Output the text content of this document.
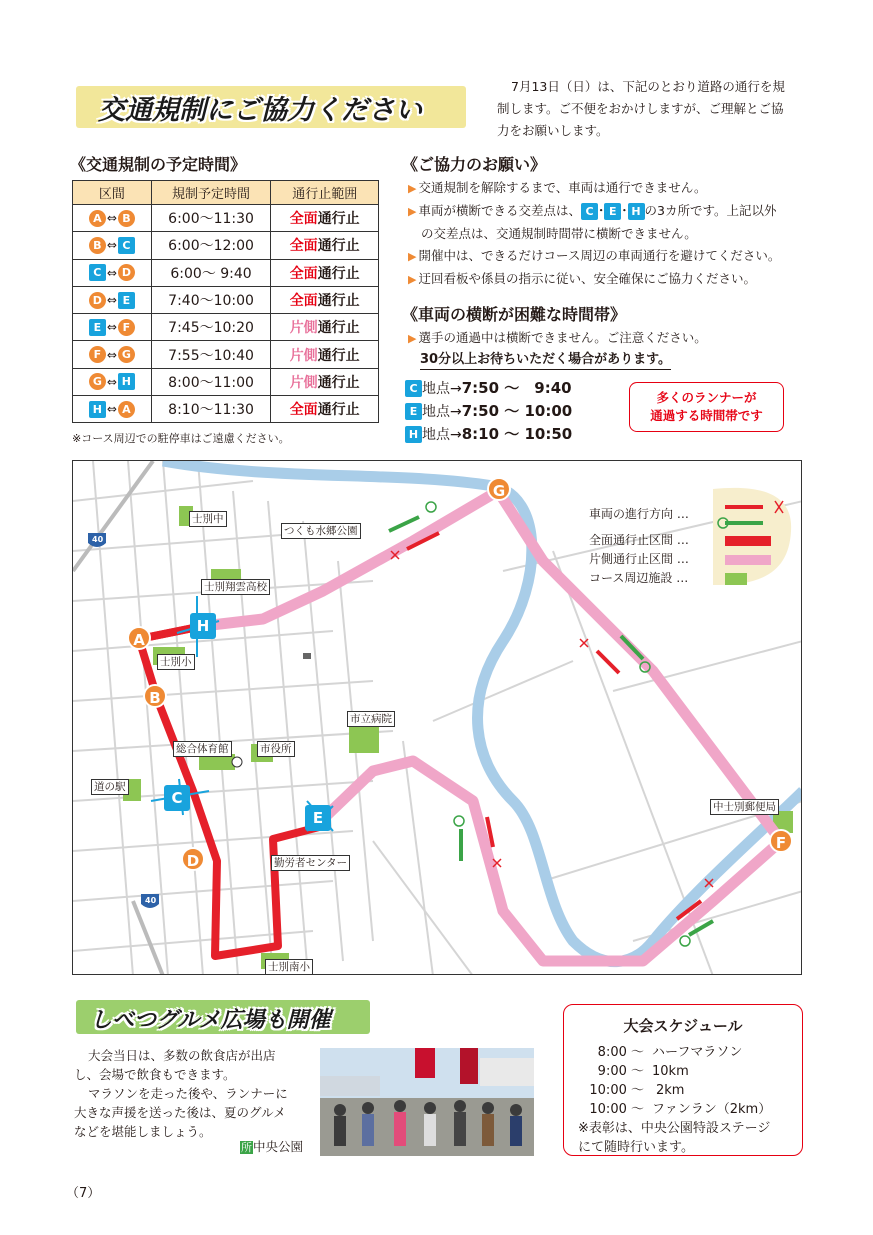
交通規制にご協力ください
7月13日（日）は、下記のとおり道路の通行を規
制します。ご不便をおかけしますが、ご理解とご協
力をお願いします。
《交通規制の予定時間》
区間	規制予定時間	通行止範囲
A ⇔ B	6:00～11:30	全面通行止
B ⇔ C	6:00～12:00	全面通行止
C ⇔ D	6:00～ 9:40	全面通行止
D ⇔ E	7:40～10:00	全面通行止
E ⇔ F	7:45～10:20	片側通行止
F ⇔ G	7:55～10:40	片側通行止
G ⇔ H	8:00～11:00	片側通行止
H ⇔ A	8:10～11:30	全面通行止
※コース周辺での駐停車はご遠慮ください。
《ご協力のお願い》
▶ 交通規制を解除するまで、車両は通行できません。
▶ 車両が横断できる交差点は、 C ･ E ･ H の3カ所です。上記以外
の交差点は、交通規制時間帯に横断できません。
▶ 開催中は、できるだけコース周辺の車両通行を避けてください。
▶ 迂回看板や係員の指示に従い、安全確保にご協力ください。
《車両の横断が困難な時間帯》
▶ 選手の通過中は横断できません。ご注意ください。
30分以上お待ちいただく場合があります。
C 地点→7:50 ～　9:40
E 地点→7:50 ～ 10:00
H 地点→8:10 ～ 10:50
多くのランナーが
通過する時間帯です
A
B
C
D
E
F
G
H
士別中
つくも水郷公園
士別翔雲高校
士別小
市立病院
総合体育館	市役所
道の駅
勤労者センター
中士別郵便局
士別南小
40
40
車両の進行方向 …
全面通行止区間 …
片側通行止区間 …
コース周辺施設 …
しべつグルメ広場も開催
大会当日は、多数の飲食店が出店
し、会場で飲食もできます。
マラソンを走った後や、ランナーに
大きな声援を送った後は、夏のグルメ
などを堪能しましょう。
所中央公園
大会スケジュール
8:00 ～ ハーフマラソン
9:00 ～ 10km
10:00 ～ 2km
10:00 ～ ファンラン（2km）
※表彰は、中央公園特設ステージ
にて随時行います。
（7）
